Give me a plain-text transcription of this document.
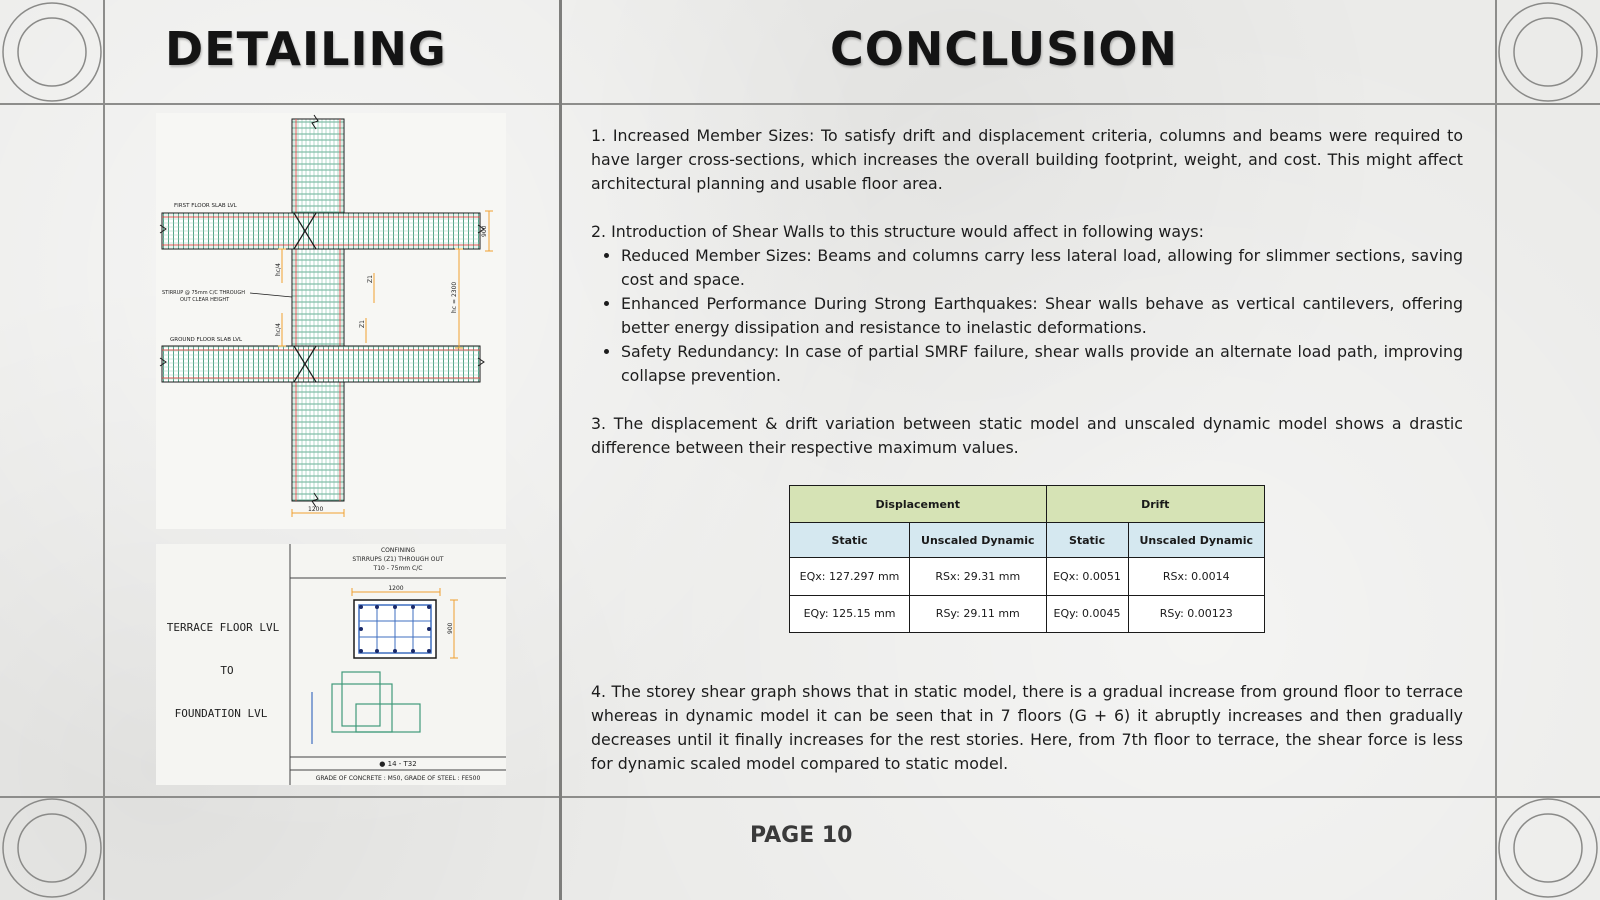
DETAILING	CONCLUSION
FIRST FLOOR SLAB LVL
GROUND FLOOR SLAB LVL
STIRRUP @ 75mm C/C THROUGH
OUT CLEAR HEIGHT
1200
900
hc = 2300
hc/4
hc/4
Z1
Z1
TERRACE FLOOR LVL
TO
FOUNDATION LVL
CONFINING
STIRRUPS (Z1) THROUGH OUT
T10 - 75mm C/C
1200
900
● 14 - T32
GRADE OF CONCRETE : M50, GRADE OF STEEL : FE500

1. Increased Member Sizes: To satisfy drift and displacement criteria, columns and beams were required to have larger cross-sections, which increases the overall building footprint, weight, and cost. This might affect architectural planning and usable floor area.

2. Introduction of Shear Walls to this structure would affect in following ways:

• Reduced Member Sizes: Beams and columns carry less lateral load, allowing for slimmer sections, saving cost and space.
• Enhanced Performance During Strong Earthquakes: Shear walls behave as vertical cantilevers, offering better energy dissipation and resistance to inelastic deformations.
• Safety Redundancy: In case of partial SMRF failure, shear walls provide an alternate load path, improving collapse prevention.

3. The displacement & drift variation between static model and unscaled dynamic model shows a drastic difference between their respective maximum values.

Displacement		Drift	
Static	Unscaled Dynamic	Static	Unscaled Dynamic
EQx: 127.297 mm	RSx: 29.31 mm	EQx: 0.0051	RSx: 0.0014
EQy: 125.15 mm	RSy: 29.11 mm	EQy: 0.0045	RSy: 0.00123

4. The storey shear graph shows that in static model, there is a gradual increase from ground floor to terrace whereas in dynamic model it can be seen that in 7 floors (G + 6) it abruptly increases and then gradually decreases until it finally increases for the rest stories. Here, from 7th floor to terrace, the shear force is less for dynamic scaled model compared to static model.

PAGE 10
